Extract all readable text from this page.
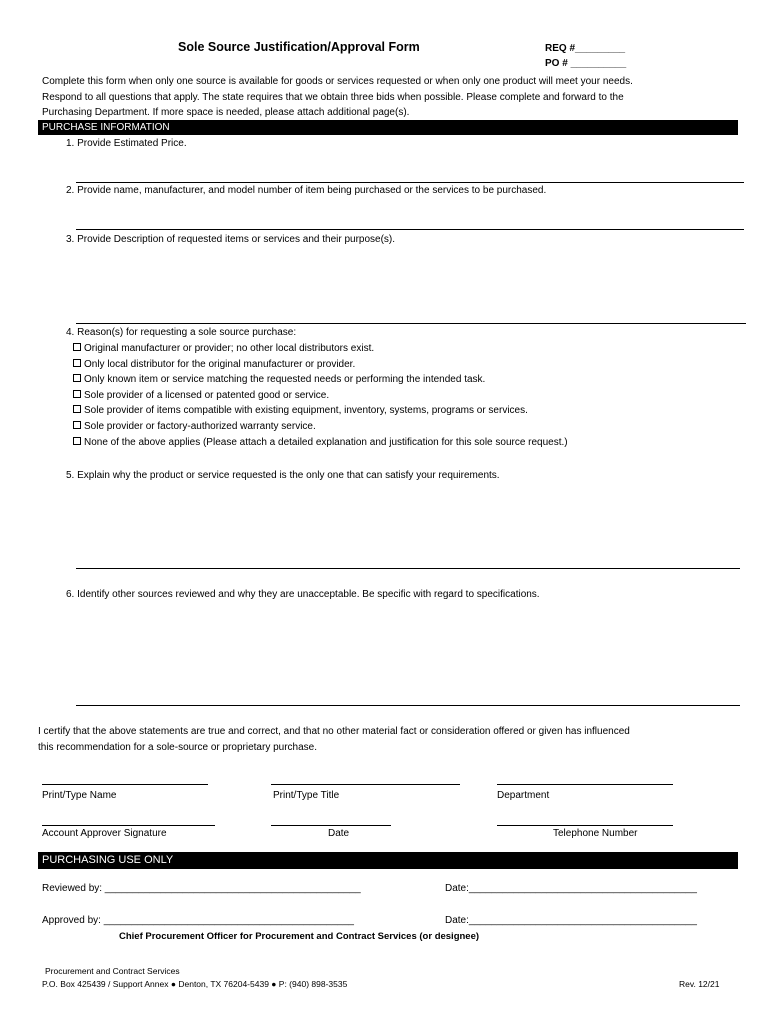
Sole Source Justification/Approval Form	REQ #_________
PO # __________
Complete this form when only one source is available for goods or services requested or when only one product will meet your needs.
Respond to all questions that apply. The state requires that we obtain three bids when possible. Please complete and forward to the
Purchasing Department. If more space is needed, please attach additional page(s).
PURCHASE INFORMATION
1. Provide Estimated Price.
2. Provide name, manufacturer, and model number of item being purchased or the services to be purchased.
3. Provide Description of requested items or services and their purpose(s).
4. Reason(s) for requesting a sole source purchase:
Original manufacturer or provider; no other local distributors exist.
Only local distributor for the original manufacturer or provider.
Only known item or service matching the requested needs or performing the intended task.
Sole provider of a licensed or patented good or service.
Sole provider of items compatible with existing equipment, inventory, systems, programs or services.
Sole provider or factory-authorized warranty service.
None of the above applies (Please attach a detailed explanation and justification for this sole source request.)
5. Explain why the product or service requested is the only one that can satisfy your requirements.
6. Identify other sources reviewed and why they are unacceptable. Be specific with regard to specifications.
I certify that the above statements are true and correct, and that no other material fact or consideration offered or given has influenced
this recommendation for a sole-source or proprietary purchase.
Print/Type Name	Print/Type Title	Department
Account Approver Signature	Date	Telephone Number
PURCHASING USE ONLY
Reviewed by: ______________________________________________	Date:_________________________________________
Approved by: _____________________________________________	Date:_________________________________________
Chief Procurement Officer for Procurement and Contract Services (or designee)
Procurement and Contract Services
P.O. Box 425439 / Support Annex ● Denton, TX 76204-5439 ● P: (940) 898-3535	Rev. 12/21
